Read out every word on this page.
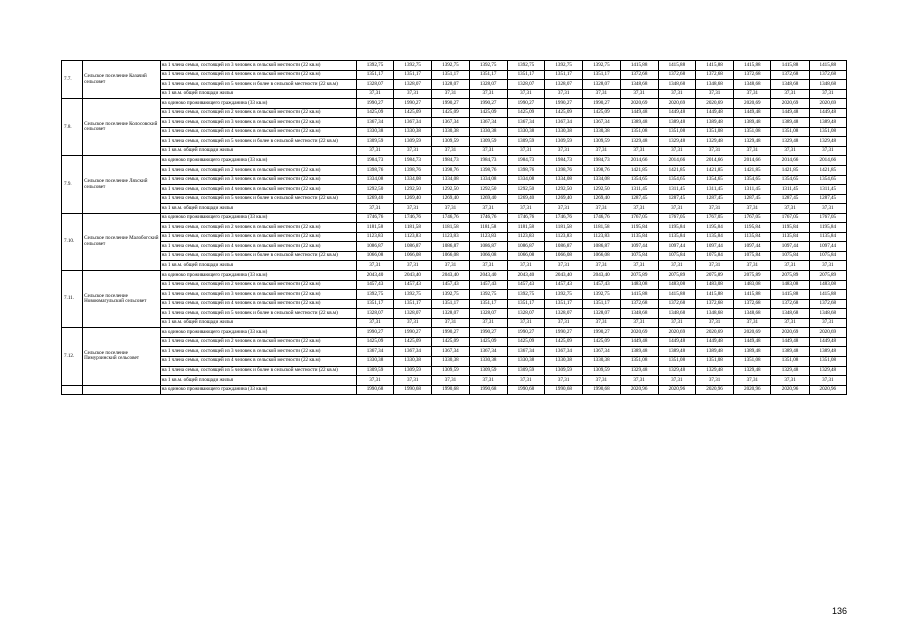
7.7.	Сельское поселение Казачий сельсовет	на 1 члена семьи, состоящей из 3 человек в сельской местности (22 кв.м)	1392,75	1392,75	1392,75	1392,75	1392,75	1392,75	1392,75	1415,88	1415,88	1415,88	1415,88	1415,88	1415,88
		на 1 члена семьи, состоящей из 4 человек в сельской местности (22 кв.м)	1351,17	1351,17	1351,17	1351,17	1351,17	1351,17	1351,17	1372,68	1372,68	1372,68	1372,68	1372,68	1372,68
		на 1 члена семьи, состоящей из 5 человек и более в сельской местности (22 кв.м)	1328,07	1328,07	1328,07	1328,07	1328,07	1328,07	1328,07	1348,68	1348,68	1348,68	1348,68	1348,68	1348,68
		на 1 кв.м. общей площади жилья	37,31	37,31	37,31	37,31	37,31	37,31	37,31	37,31	37,31	37,31	37,31	37,31	37,31
7.8.	Сельское поселение Колосовский сельсовет	на одиноко проживающего гражданина (33 кв.м)	1990,27	1990,27	1990,27	1990,27	1990,27	1990,27	1990,27	2020,69	2020,69	2020,69	2020,69	2020,69	2020,69
		на 1 члена семьи, состоящей из 2 человек в сельской местности (22 кв.м)	1425,09	1425,09	1425,09	1425,09	1425,09	1425,09	1425,09	1449,48	1449,48	1449,48	1449,48	1449,48	1449,48
		на 1 члена семьи, состоящей из 3 человек в сельской местности (22 кв.м)	1367,34	1367,34	1367,34	1367,34	1367,34	1367,34	1367,34	1389,48	1389,48	1389,48	1389,48	1389,48	1389,48
		на 1 члена семьи, состоящей из 4 человек в сельской местности (22 кв.м)	1330,38	1330,38	1330,38	1330,38	1330,38	1330,38	1330,38	1351,08	1351,08	1351,08	1351,08	1351,08	1351,08
		на 1 члена семьи, состоящей из 5 человек и более в сельской местности (22 кв.м)	1309,59	1309,59	1309,59	1309,59	1309,59	1309,59	1309,59	1329,48	1329,48	1329,48	1329,48	1329,48	1329,48
		на 1 кв.м. общей площади жилья	37,31	37,31	37,31	37,31	37,31	37,31	37,31	37,31	37,31	37,31	37,31	37,31	37,31
7.9.	Сельское поселение Ляхский сельсовет	на одиноко проживающего гражданина (33 кв.м)	1984,73	1984,73	1984,73	1984,73	1984,73	1984,73	1984,73	2014,66	2014,66	2014,66	2014,66	2014,66	2014,66
		на 1 члена семьи, состоящей из 2 человек в сельской местности (22 кв.м)	1398,76	1398,76	1398,76	1398,76	1398,76	1398,76	1398,76	1421,85	1421,85	1421,85	1421,85	1421,85	1421,85
		на 1 члена семьи, состоящей из 3 человек в сельской местности (22 кв.м)	1334,08	1334,08	1334,08	1334,08	1334,08	1334,08	1334,08	1354,65	1354,65	1354,65	1354,65	1354,65	1354,65
		на 1 члена семьи, состоящей из 4 человек в сельской местности (22 кв.м)	1292,50	1292,50	1292,50	1292,50	1292,50	1292,50	1292,50	1311,45	1311,45	1311,45	1311,45	1311,45	1311,45
		на 1 члена семьи, состоящей из 5 человек и более в сельской местности (22 кв.м)	1269,40	1269,40	1269,40	1269,40	1269,40	1269,40	1269,40	1287,45	1287,45	1287,45	1287,45	1287,45	1287,45
		на 1 кв.м. общей площади жилья	37,31	37,31	37,31	37,31	37,31	37,31	37,31	37,31	37,31	37,31	37,31	37,31	37,31
7.10.	Сельское поселение Малобогский сельсовет	на одиноко проживающего гражданина (33 кв.м)	1746,76	1746,76	1746,76	1746,76	1746,76	1746,76	1746,76	1767,05	1767,05	1767,05	1767,05	1767,05	1767,05
		на 1 члена семьи, состоящей из 2 человек в сельской местности (22 кв.м)	1181,58	1181,58	1181,58	1181,58	1181,58	1181,58	1181,58	1195,84	1195,84	1195,84	1195,84	1195,84	1195,84
		на 1 члена семьи, состоящей из 3 человек в сельской местности (22 кв.м)	1123,83	1123,83	1123,83	1123,83	1123,83	1123,83	1123,83	1135,84	1135,84	1135,84	1135,84	1135,84	1135,84
		на 1 члена семьи, состоящей из 4 человек в сельской местности (22 кв.м)	1086,87	1086,87	1086,87	1086,87	1086,87	1086,87	1086,87	1097,44	1097,44	1097,44	1097,44	1097,44	1097,44
		на 1 члена семьи, состоящей из 5 человек и более в сельской местности (22 кв.м)	1066,08	1066,08	1066,08	1066,08	1066,08	1066,08	1066,08	1075,84	1075,84	1075,84	1075,84	1075,84	1075,84
		на 1 кв.м. общей площади жилья	37,31	37,31	37,31	37,31	37,31	37,31	37,31	37,31	37,31	37,31	37,31	37,31	37,31
7.11.	Сельское поселение Новоюмагульский сельсовет	на одиноко проживающего гражданина (33 кв.м)	2043,40	2043,40	2043,40	2043,40	2043,40	2043,40	2043,40	2075,89	2075,89	2075,89	2075,89	2075,89	2075,89
		на 1 члена семьи, состоящей из 2 человек в сельской местности (22 кв.м)	1457,43	1457,43	1457,43	1457,43	1457,43	1457,43	1457,43	1483,08	1483,08	1483,08	1483,08	1483,08	1483,08
		на 1 члена семьи, состоящей из 3 человек в сельской местности (22 кв.м)	1392,75	1392,75	1392,75	1392,75	1392,75	1392,75	1392,75	1415,88	1415,88	1415,88	1415,88	1415,88	1415,88
		на 1 члена семьи, состоящей из 4 человек в сельской местности (22 кв.м)	1351,17	1351,17	1351,17	1351,17	1351,17	1351,17	1351,17	1372,68	1372,68	1372,68	1372,68	1372,68	1372,68
		на 1 члена семьи, состоящей из 5 человек и более в сельской местности (22 кв.м)	1328,07	1328,07	1328,07	1328,07	1328,07	1328,07	1328,07	1348,68	1348,68	1348,68	1348,68	1348,68	1348,68
		на 1 кв.м. общей площади жилья	37,31	37,31	37,31	37,31	37,31	37,31	37,31	37,31	37,31	37,31	37,31	37,31	37,31
7.12.	Сельское поселение Пимурзинский сельсовет	на одиноко проживающего гражданина (33 кв.м)	1990,27	1990,27	1990,27	1990,27	1990,27	1990,27	1990,27	2020,69	2020,69	2020,69	2020,69	2020,69	2020,69
		на 1 члена семьи, состоящей из 2 человек в сельской местности (22 кв.м)	1425,09	1425,09	1425,09	1425,09	1425,09	1425,09	1425,09	1449,48	1449,48	1449,48	1449,48	1449,48	1449,48
		на 1 члена семьи, состоящей из 3 человек в сельской местности (22 кв.м)	1367,34	1367,34	1367,34	1367,34	1367,34	1367,34	1367,34	1389,48	1389,48	1389,48	1389,48	1389,48	1389,48
		на 1 члена семьи, состоящей из 4 человек в сельской местности (22 кв.м)	1330,38	1330,38	1330,38	1330,38	1330,38	1330,38	1330,38	1351,08	1351,08	1351,08	1351,08	1351,08	1351,08
		на 1 члена семьи, состоящей из 5 человек и более в сельской местности (22 кв.м)	1309,59	1309,59	1309,59	1309,59	1309,59	1309,59	1309,59	1329,48	1329,48	1329,48	1329,48	1329,48	1329,48
		на 1 кв.м. общей площади жилья	37,31	37,31	37,31	37,31	37,31	37,31	37,31	37,31	37,31	37,31	37,31	37,31	37,31
		на одиноко проживающего гражданина (33 кв.м)	1990,68	1990,68	1990,68	1990,68	1990,68	1990,68	1990,68	2020,96	2020,96	2020,96	2020,96	2020,96	2020,96
136
